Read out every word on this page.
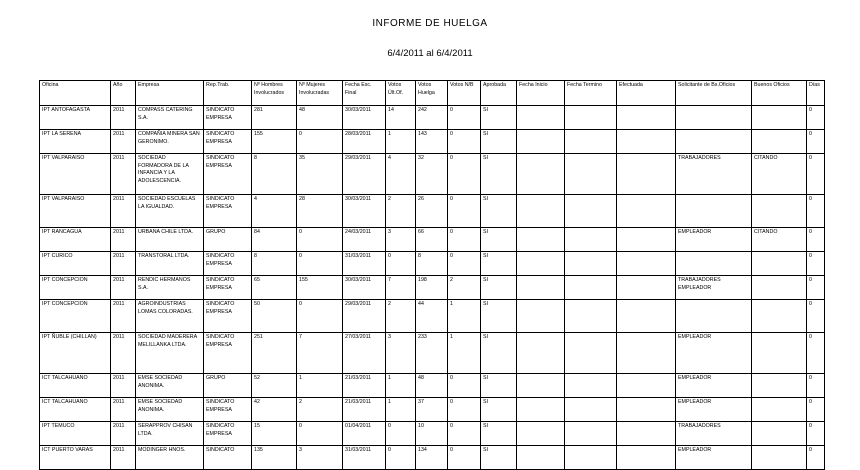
INFORME DE HUELGA
6/4/2011 al 6/4/2011
Oficina	Año	Empresa	Rep.Trab.	Nº Hombres Involucrados	Nº Mujeres Involucradas	Fecha Esc. Final	Votos Últ.Of.	Votos Huelga	Votos N/B	Aprobada	Fecha Inicio	Fecha Termino	Efectuada	Solicitante de Bs.Oficios	Buenos Oficios	Días
IPT ANTOFAGASTA	2011	COMPASS CATERING S.A.	SINDICATO EMPRESA	281	48	30/03/2011	14	242	0	SI						0
IPT LA SERENA	2011	COMPAÑIA MINERA SAN GERONIMO.	SINDICATO EMPRESA	155	0	28/03/2011	1	143	0	SI						0
IPT VALPARAISO	2011	SOCIEDAD FORMADORA DE LA INFANCIA Y LA ADOLESCENCIA.	SINDICATO EMPRESA	8	35	29/03/2011	4	32	0	SI				TRABAJADORES	CITANDO	0
IPT VALPARAISO	2011	SOCIEDAD ESCUELAS LA IGUALDAD.	SINDICATO EMPRESA	4	28	30/03/2011	2	26	0	SI						0
IPT RANCAGUA	2011	URBANA CHILE LTDA.	GRUPO	84	0	24/03/2011	3	66	0	SI				EMPLEADOR	CITANDO	0
IPT CURICO	2011	TRANSTORAL LTDA.	SINDICATO EMPRESA	8	0	31/03/2011	0	8	0	SI						0
IPT CONCEPCION	2011	RENDIC HERMANOS S.A.	SINDICATO EMPRESA	65	155	30/03/2011	7	198	2	SI				TRABAJADORES EMPLEADOR		0
IPT CONCEPCION	2011	AGROINDUSTRIAS LOMAS COLORADAS.	SINDICATO EMPRESA	50	0	29/03/2011	2	44	1	SI						0
IPT ÑUBLE (CHILLAN)	2011	SOCIEDAD MADERERA MELILLANKA LTDA.	SINDICATO EMPRESA	251	7	27/03/2011	3	233	1	SI				EMPLEADOR		0
ICT TALCAHUANO	2011	EMSE SOCIEDAD ANONIMA.	GRUPO	52	1	21/03/2011	1	48	0	SI				EMPLEADOR		0
ICT TALCAHUANO	2011	EMSE SOCIEDAD ANONIMA.	SINDICATO EMPRESA	42	2	21/03/2011	1	37	0	SI				EMPLEADOR		0
IPT TEMUCO	2011	SERAPPROV CHISAN LTDA.	SINDICATO EMPRESA	15	0	01/04/2011	0	10	0	SI				TRABAJADORES		0
ICT PUERTO VARAS	2011	MODINGER HNOS.	SINDICATO	135	3	31/03/2011	0	134	0	SI				EMPLEADOR		0
